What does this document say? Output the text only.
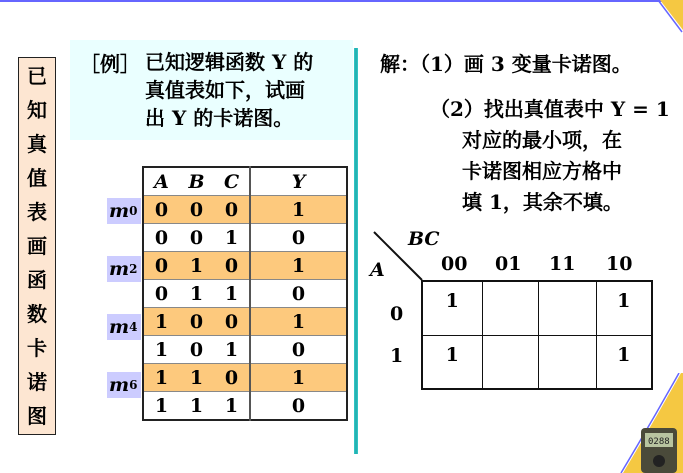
已
知
真
值
表
画
函
数
卡
诺
图
［例］ 已知逻辑函数 Y 的
真值表如下，试画
出 Y 的卡诺图。
m 0
m 2
m 4
m 6
A	B	C	Y
0	0	0	1
0	0	1	0
0	1	0	1
0	1	1	0
1	0	0	1
1	0	1	0
1	1	0	1
1	1	1	0
解：（1）画 3 变量卡诺图。
（2）找出真值表中 Y = 1
对应的最小项，在
卡诺图相应方格中
填 1，其余不填。
BC
A	00 01 11 10
0
1
1			1
1			1
0288
